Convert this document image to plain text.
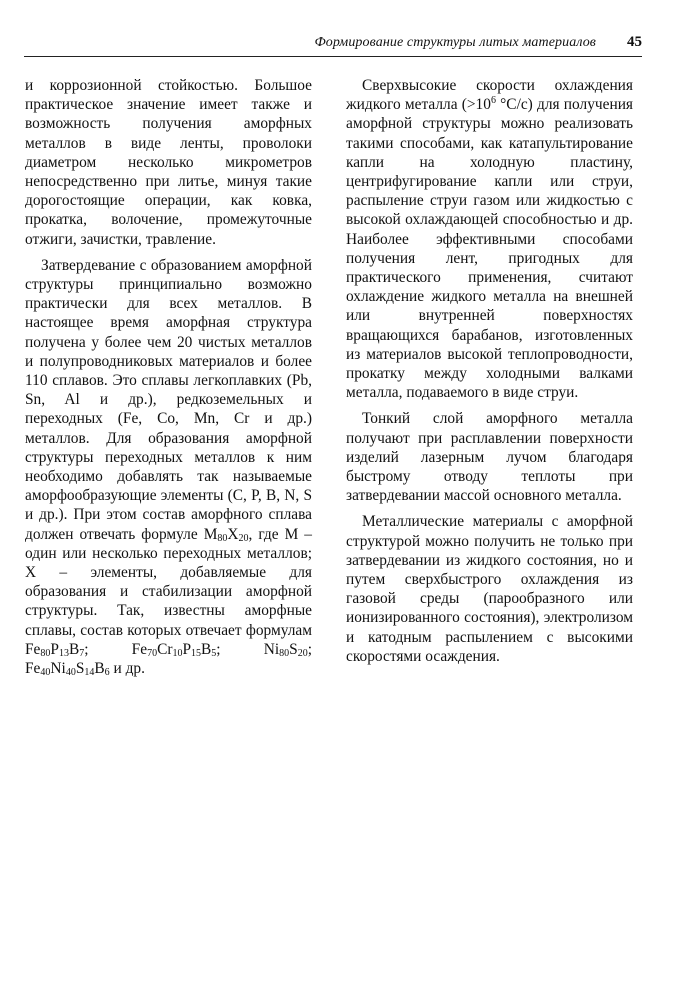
Формирование структуры литых материалов 45

и коррозионной стойкостью. Большое практическое значение имеет также и возможность получения аморфных металлов в виде ленты, проволоки диаметром несколько микрометров непосредственно при литье, минуя такие дорогостоящие операции, как ковка, прокатка, волочение, промежуточные отжиги, зачистки, травление.

Затвердевание с образованием аморфной структуры принципиально возможно практически для всех металлов. В настоящее время аморфная структура получена у более чем 20 чистых металлов и полупроводниковых материалов и более 110 сплавов. Это сплавы легкоплавких (Pb, Sn, Al и др.), редкоземельных и переходных (Fe, Co, Mn, Cr и др.) металлов. Для образования аморфной структуры переходных металлов к ним необходимо добавлять так называемые аморфообразующие элементы (C, P, B, N, S и др.). При этом состав аморфного сплава должен отвечать формуле $M_{80}X_{20}$, где M – один или несколько переходных металлов; X – элементы, добавляемые для образования и стабилизации аморфной структуры. Так, известны аморфные сплавы, состав которых отвечает формулам $Fe_{80}P_{13}B_7$;	$Fe_{70}Cr_{10}P_{15}B_5$;	$Ni_{80}S_{20}$; $Fe_{40}Ni_{40}S_{14}B_6$ и др.

Сверхвысокие скорости охлаждения жидкого металла ($>10^6$ °C/c) для получения аморфной структуры можно реализовать такими способами, как катапультирование капли на холодную пластину, центрифугирование капли или струи, распыление струи газом или жидкостью с высокой охлаждающей способностью и др. Наиболее эффективными способами получения лент, пригодных для практического применения, считают охлаждение жидкого металла на внешней или внутренней поверхностях вращающихся барабанов, изготовленных из материалов высокой теплопроводности, прокатку между холодными валками металла, подаваемого в виде струи.

Тонкий слой аморфного металла получают при расплавлении поверхности изделий лазерным лучом благодаря быстрому отводу теплоты при затвердевании массой основного металла.

Металлические материалы с аморфной структурой можно получить не только при затвердевании из жидкого состояния, но и путем сверхбыстрого охлаждения из газовой среды (парообразного или ионизированного состояния), электролизом и катодным распылением с высокими скоростями осаждения.
